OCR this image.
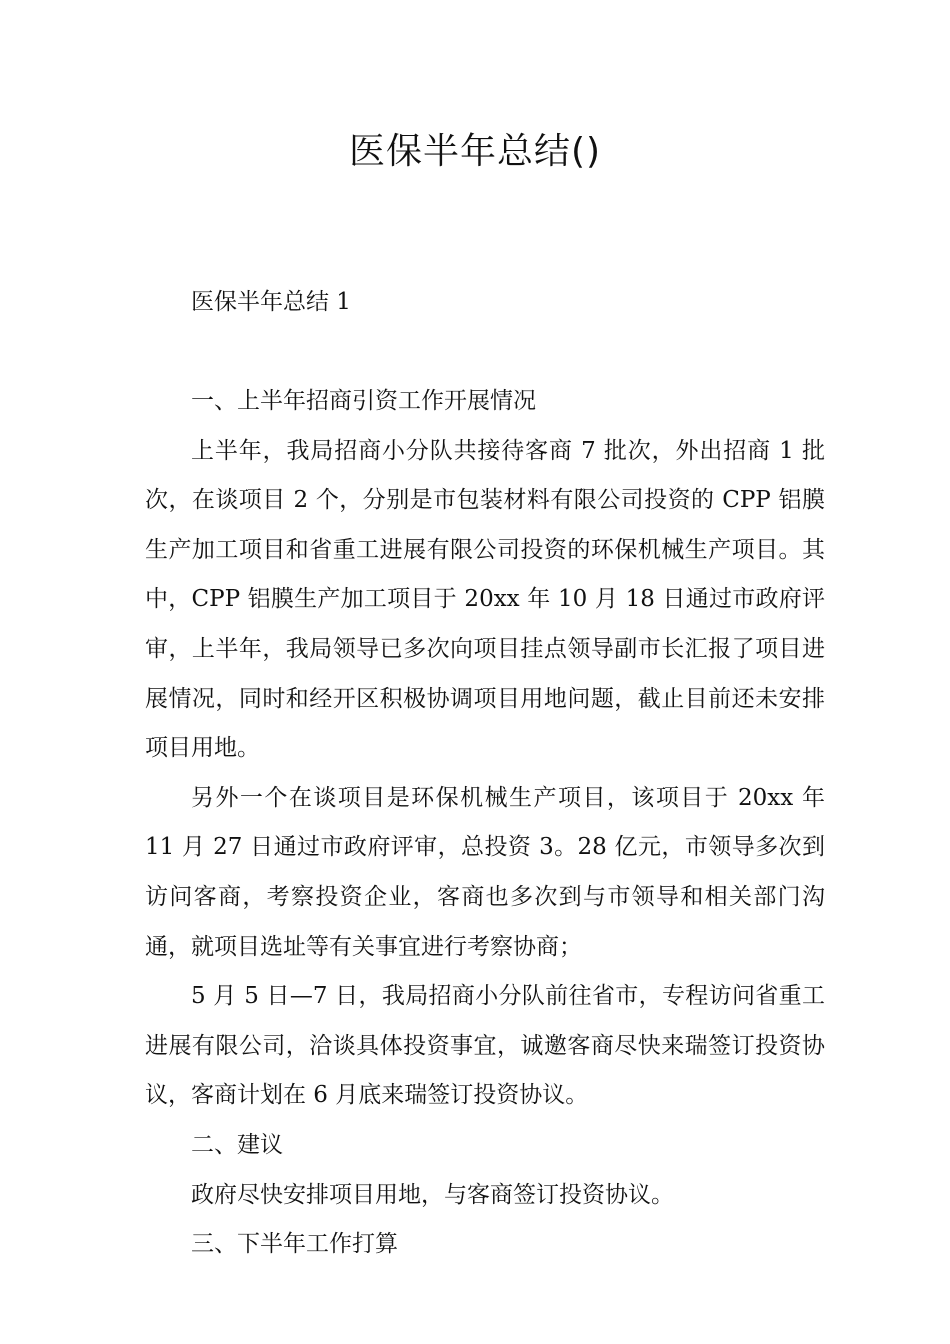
医保半年总结()

医保半年总结 1

一、上半年招商引资工作开展情况

上半年，我局招商小分队共接待客商 7 批次，外出招商 1 批次，在谈项目 2 个，分别是市包装材料有限公司投资的 CPP 铝膜生产加工项目和省重工进展有限公司投资的环保机械生产项目。其中，CPP 铝膜生产加工项目于 20xx 年 10 月 18 日通过市政府评审，上半年，我局领导已多次向项目挂点领导副市长汇报了项目进展情况，同时和经开区积极协调项目用地问题，截止目前还未安排项目用地。

另外一个在谈项目是环保机械生产项目，该项目于 20xx 年 11 月 27 日通过市政府评审，总投资 3。28 亿元，市领导多次到访问客商，考察投资企业，客商也多次到与市领导和相关部门沟通，就项目选址等有关事宜进行考察协商；

5 月 5 日—7 日，我局招商小分队前往省市，专程访问省重工进展有限公司，洽谈具体投资事宜，诚邀客商尽快来瑞签订投资协议，客商计划在 6 月底来瑞签订投资协议。

二、建议

政府尽快安排项目用地，与客商签订投资协议。

三、下半年工作打算
